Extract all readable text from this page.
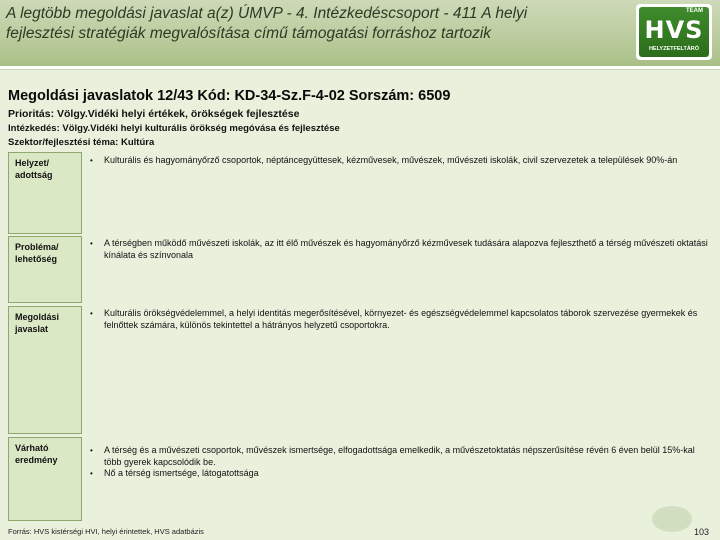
A legtöbb megoldási javaslat a(z) ÚMVP - 4. Intézkedéscsoport - 411 A helyi
fejlesztési stratégiák megvalósítása című támogatási forráshoz tartozik
TEAM
HVS
HELYZETFELTÁRÓ
Megoldási javaslatok 12/43 Kód: KD-34-Sz.F-4-02 Sorszám: 6509
Prioritás: Völgy.Vidéki helyi értékek, örökségek fejlesztése
Intézkedés: Völgy.Vidéki helyi kulturális örökség megóvása és fejlesztése
Szektor/fejlesztési téma: Kultúra
Helyzet/
adottság
• Kulturális és hagyományőrző csoportok, néptáncegyüttesek, kézművesek, művészek, művészeti iskolák, civil szervezetek a települések 90%-án
Probléma/
lehetőség
• A térségben működő művészeti iskolák, az itt élő művészek és hagyományőrző kézművesek tudására alapozva fejleszthető a térség művészeti oktatási kínálata és színvonala
Megoldási
javaslat
• Kulturális örökségvédelemmel, a helyi identitás megerősítésével, környezet- és egészségvédelemmel kapcsolatos táborok szervezése gyermekek és felnőttek számára, különös tekintettel a hátrányos helyzetű csoportokra.
Várható
eredmény
• A térség és a művészeti csoportok, művészek ismertsége, elfogadottsága emelkedik, a művészetoktatás népszerűsítése révén 6 éven belül 15%-kal több gyerek kapcsolódik be.
• Nő a térség ismertsége, látogatottsága
Forrás: HVS kistérségi HVI, helyi érintettek, HVS adatbázis	103
